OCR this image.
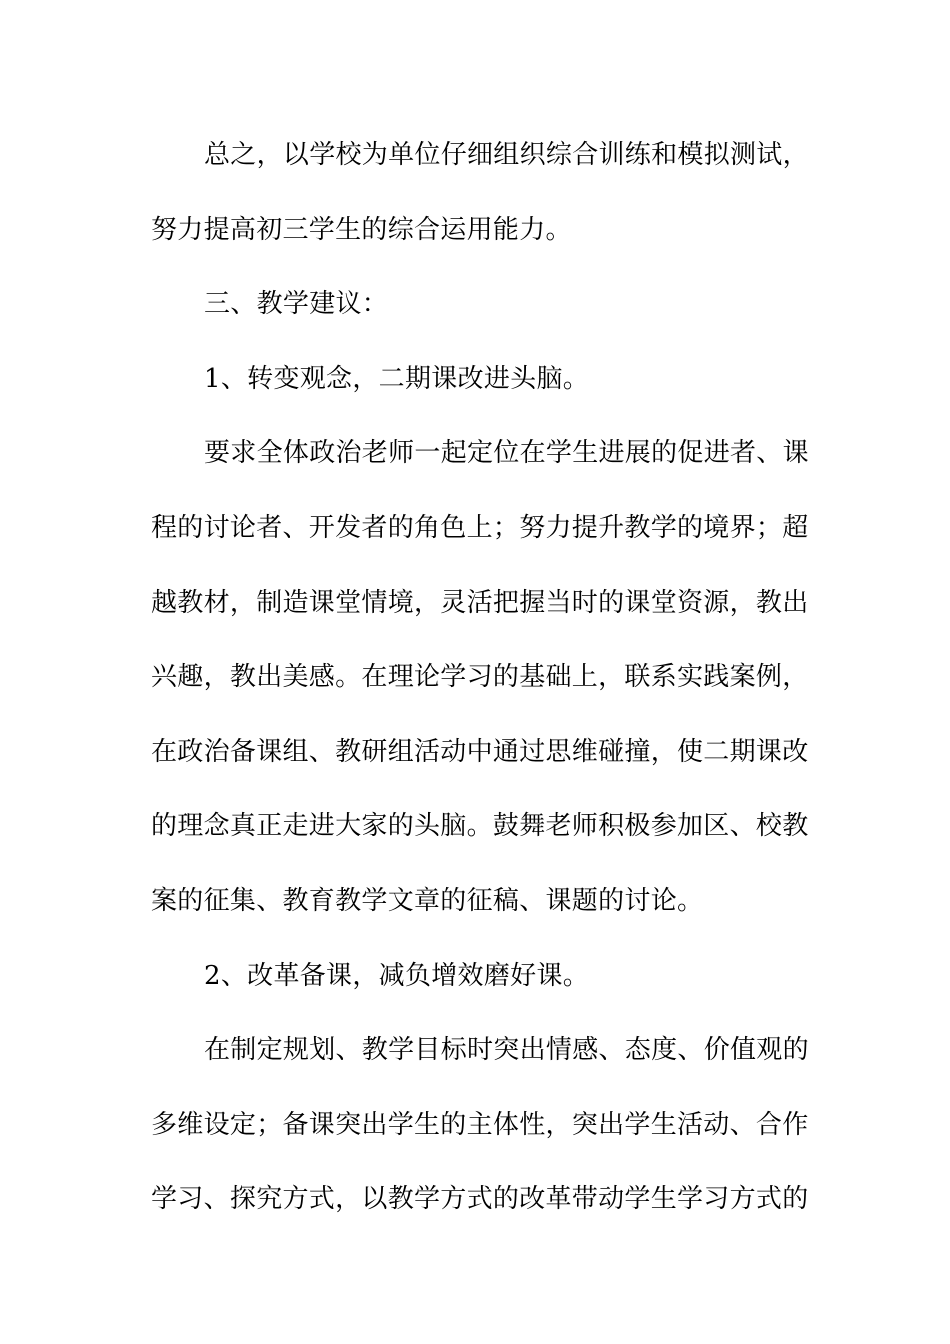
总之，以学校为单位仔细组织综合训练和模拟测试，
努力提高初三学生的综合运用能力。
三、教学建议：
1、转变观念，二期课改进头脑。
要求全体政治老师一起定位在学生进展的促进者、课
程的讨论者、开发者的角色上；努力提升教学的境界；超
越教材，制造课堂情境，灵活把握当时的课堂资源，教出
兴趣，教出美感。在理论学习的基础上，联系实践案例，
在政治备课组、教研组活动中通过思维碰撞，使二期课改
的理念真正走进大家的头脑。鼓舞老师积极参加区、校教
案的征集、教育教学文章的征稿、课题的讨论。
2、改革备课，减负增效磨好课。
在制定规划、教学目标时突出情感、态度、价值观的
多维设定；备课突出学生的主体性，突出学生活动、合作
学习、探究方式，以教学方式的改革带动学生学习方式的
